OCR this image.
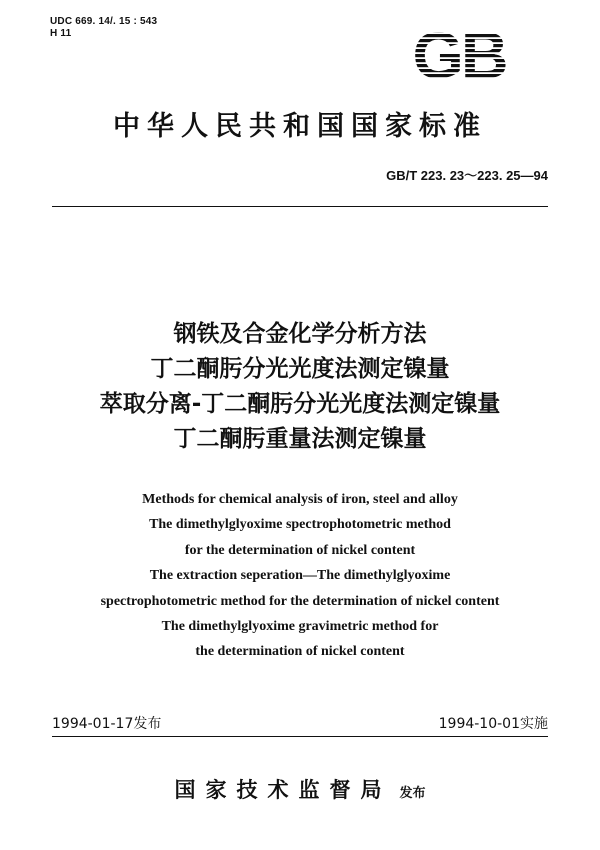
UDC 669. 14/. 15 : 543
H 11	GB
中华人民共和国国家标准
GB/T 223. 23～223. 25—94
钢铁及合金化学分析方法
丁二酮肟分光光度法测定镍量
萃取分离-丁二酮肟分光光度法测定镍量
丁二酮肟重量法测定镍量
Methods for chemical analysis of iron, steel and alloy
The dimethylglyoxime spectrophotometric method
for the determination of nickel content
The extraction seperation—The dimethylglyoxime
spectrophotometric method for the determination of nickel content
The dimethylglyoxime gravimetric method for
the determination of nickel content
1994-01-17发布	1994-10-01实施
国家技术监督局 发布
